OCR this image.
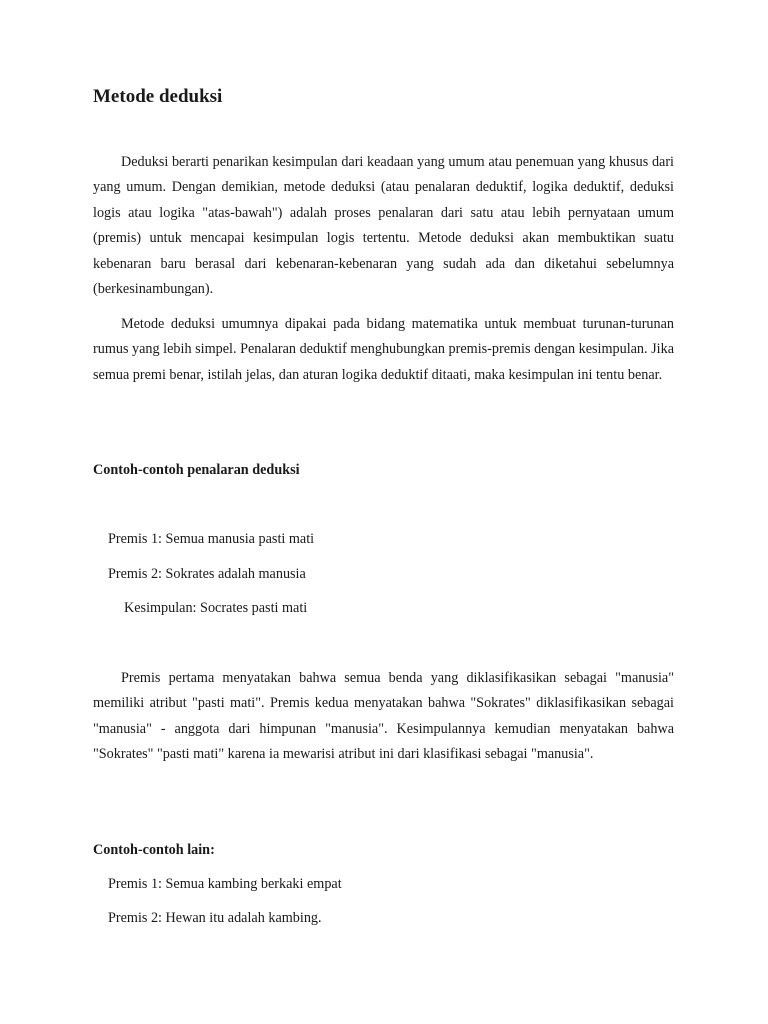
Metode deduksi

Deduksi berarti penarikan kesimpulan dari keadaan yang umum atau penemuan yang khusus dari yang umum. Dengan demikian, metode deduksi (atau penalaran deduktif, logika deduktif, deduksi logis atau logika "atas-bawah") adalah proses penalaran dari satu atau lebih pernyataan umum (premis) untuk mencapai kesimpulan logis tertentu. Metode deduksi akan membuktikan suatu kebenaran baru berasal dari kebenaran-kebenaran yang sudah ada dan diketahui sebelumnya (berkesinambungan).

Metode deduksi umumnya dipakai pada bidang matematika untuk membuat turunan-turunan rumus yang lebih simpel. Penalaran deduktif menghubungkan premis-premis dengan kesimpulan. Jika semua premi benar, istilah jelas, dan aturan logika deduktif ditaati, maka kesimpulan ini tentu benar.

Contoh-contoh penalaran deduksi

Premis 1: Semua manusia pasti mati

Premis 2: Sokrates adalah manusia

Kesimpulan: Socrates pasti mati

Premis pertama menyatakan bahwa semua benda yang diklasifikasikan sebagai "manusia" memiliki atribut "pasti mati". Premis kedua menyatakan bahwa "Sokrates" diklasifikasikan sebagai "manusia" - anggota dari himpunan "manusia". Kesimpulannya kemudian menyatakan bahwa "Sokrates" "pasti mati" karena ia mewarisi atribut ini dari klasifikasi sebagai "manusia".

Contoh-contoh lain:

Premis 1: Semua kambing berkaki empat

Premis 2: Hewan itu adalah kambing.
